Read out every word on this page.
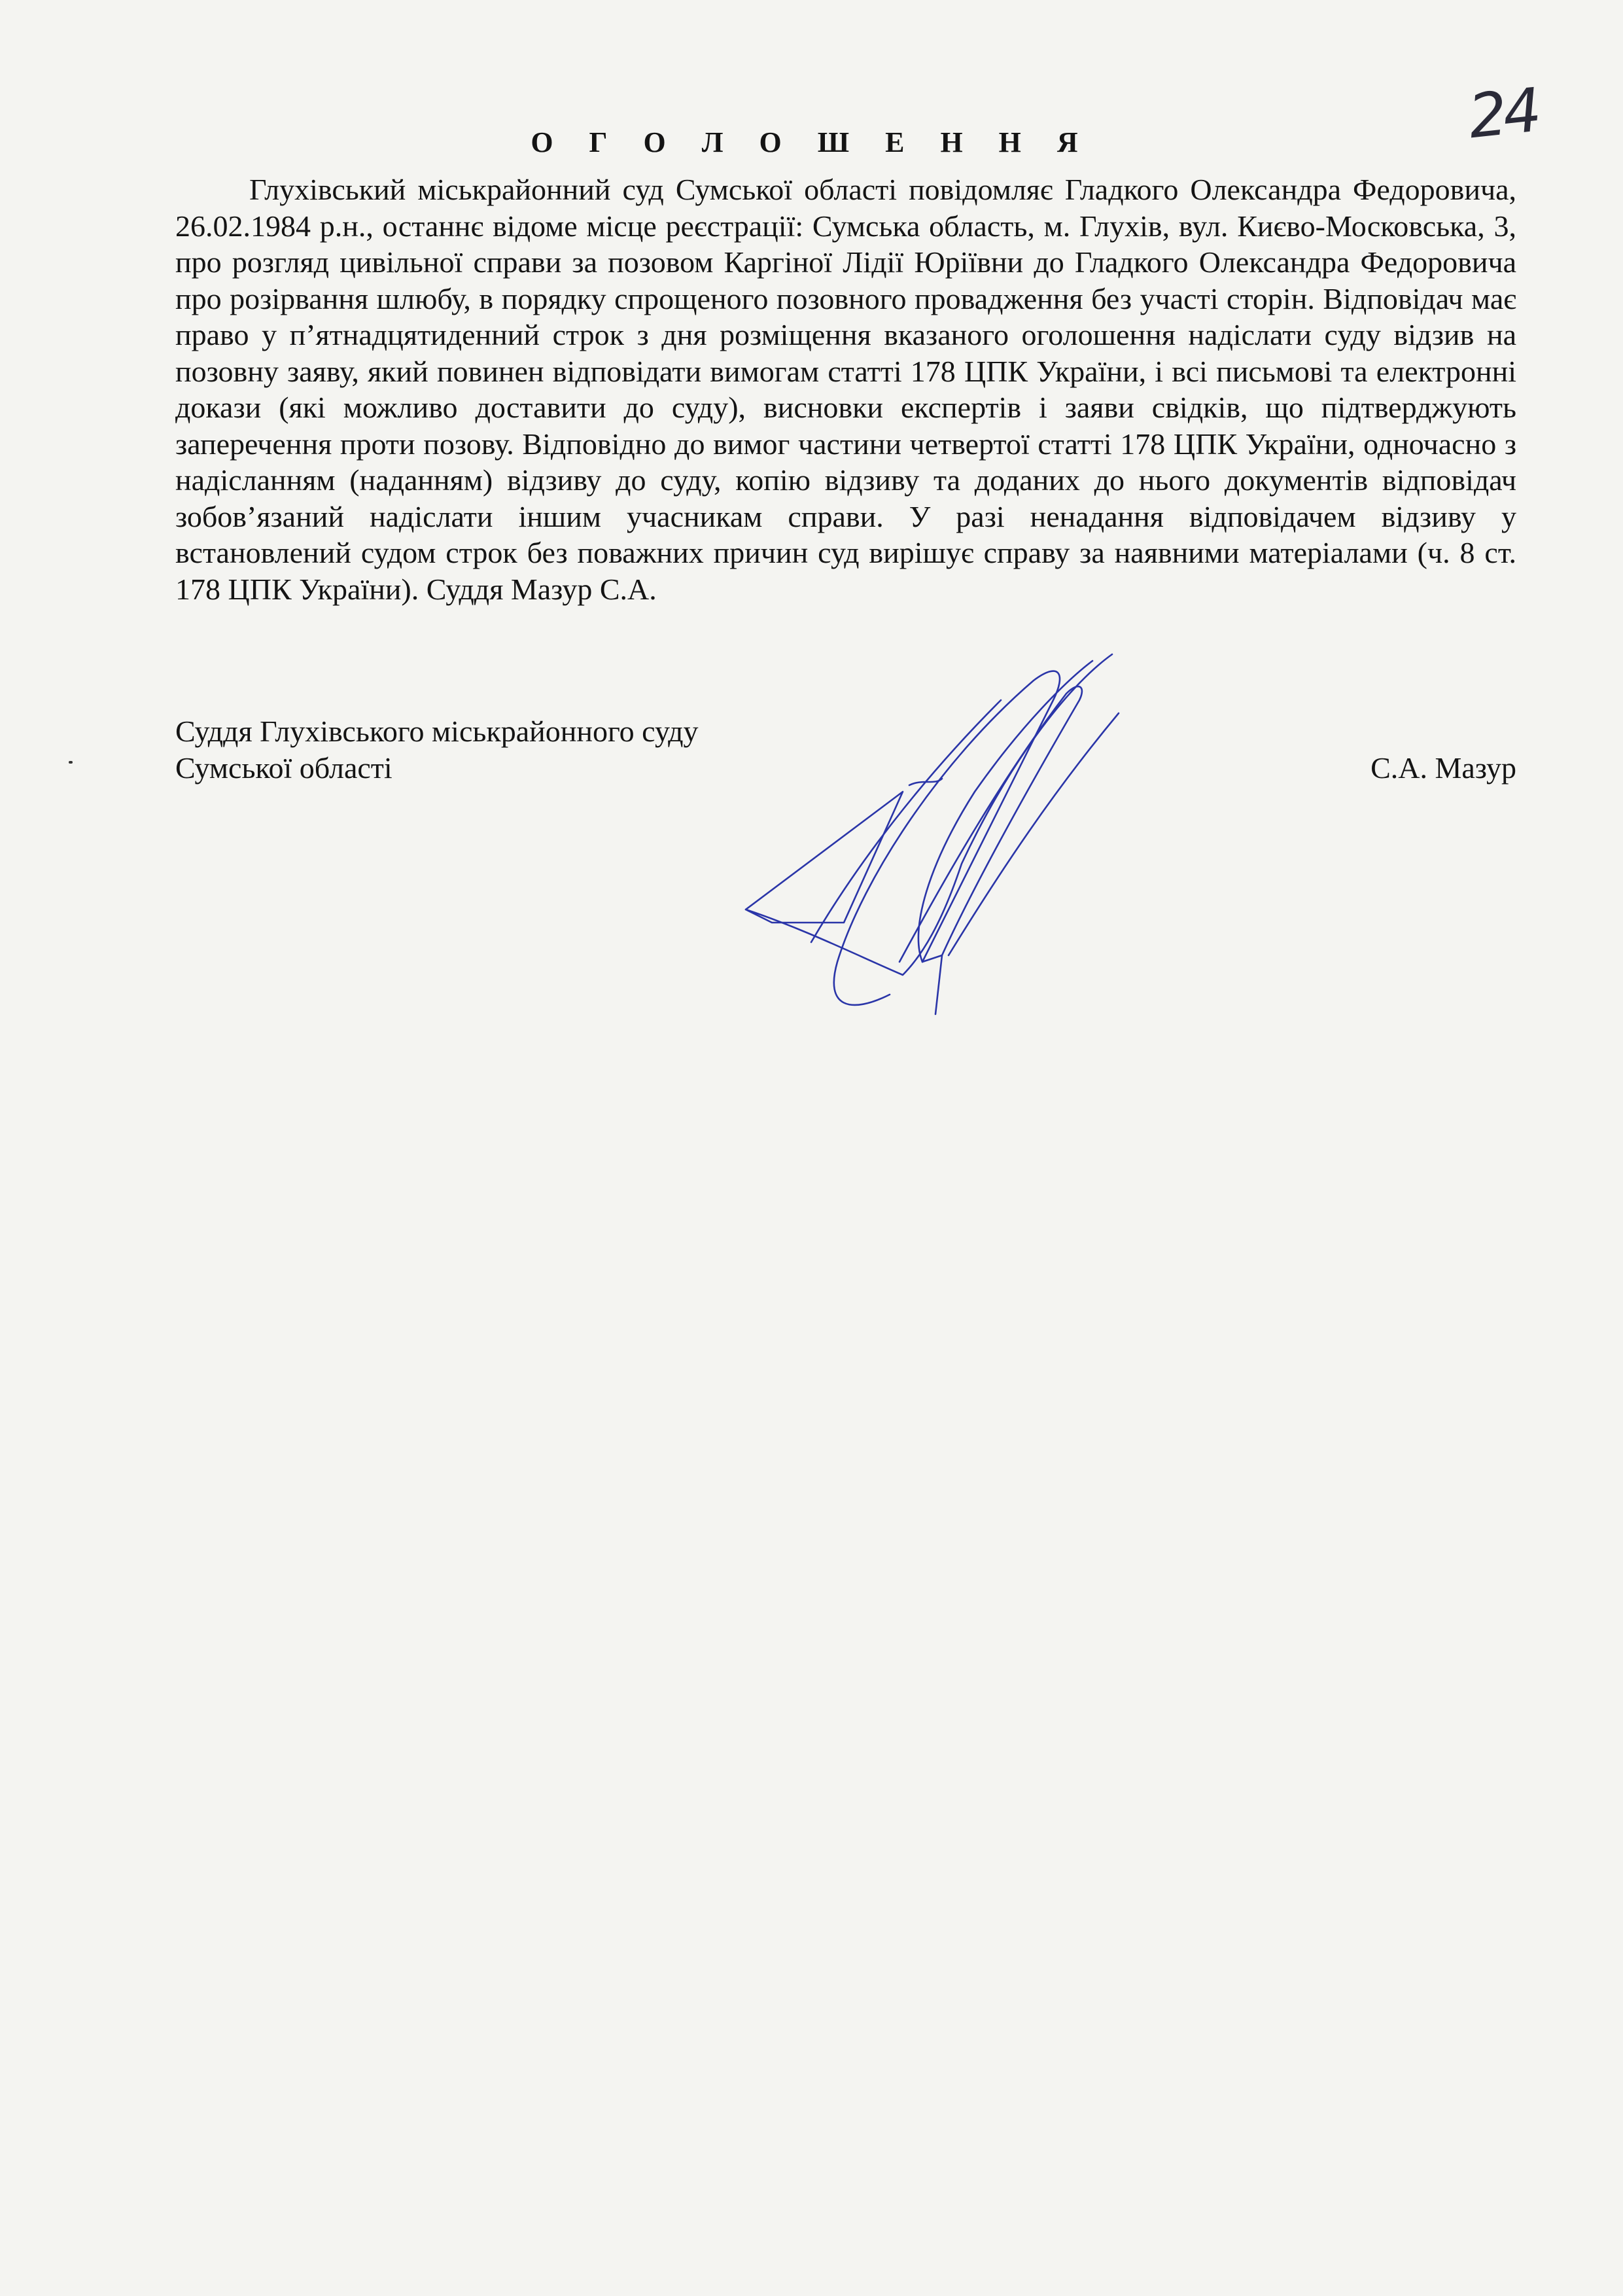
24
О Г О Л О Ш Е Н Н Я

Глухівський міськрайонний суд Сумської області повідомляє Гладкого Олександра Федоровича, 26.02.1984 р.н., останнє відоме місце реєстрації: Сумська область, м. Глухів, вул. Києво-Московська, 3, про розгляд цивільної справи за позовом Каргіної Лідії Юріївни до Гладкого Олександра Федоровича про розірвання шлюбу, в порядку спрощеного позовного провадження без участі сторін. Відповідач має право у п’ятнадцятиденний строк з дня розміщення вказаного оголошення надіслати суду відзив на позовну заяву, який повинен відповідати вимогам статті 178 ЦПК України, і всі письмові та електронні докази (які можливо доставити до суду), висновки експертів і заяви свідків, що підтверджують заперечення проти позову. Відповідно до вимог частини четвертої статті 178 ЦПК України, одночасно з надісланням (наданням) відзиву до суду, копію відзиву та доданих до нього документів відповідач зобов’язаний надіслати іншим учасникам справи. У разі ненадання відповідачем відзиву у встановлений судом строк без поважних причин суд вирішує справу за наявними матеріалами (ч. 8 ст. 178 ЦПК України). Суддя Мазур С.А.

Суддя Глухівського міськрайонного суду
Сумської області	С.А. Мазур
